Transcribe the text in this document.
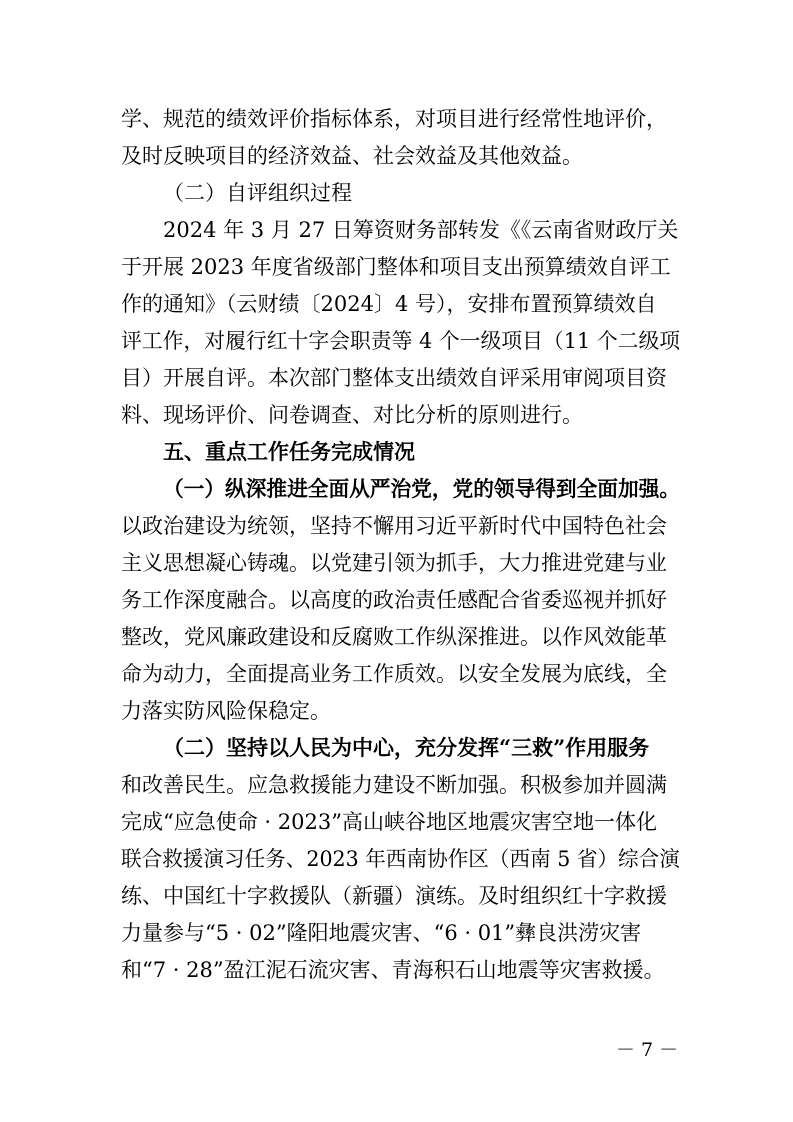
学、规范的绩效评价指标体系，对项目进行经常性地评价，
及时反映项目的经济效益、社会效益及其他效益。
（二）自评组织过程
2024 年 3 月 27 日筹资财务部转发《《云南省财政厅关
于开展 2023 年度省级部门整体和项目支出预算绩效自评工
作的通知》（云财绩〔2024〕4 号），安排布置预算绩效自
评工作，对履行红十字会职责等 4 个一级项目（11 个二级项
目）开展自评。本次部门整体支出绩效自评采用审阅项目资
料、现场评价、问卷调查、对比分析的原则进行。
五、重点工作任务完成情况
（一）纵深推进全面从严治党，党的领导得到全面加强。
以政治建设为统领，坚持不懈用习近平新时代中国特色社会
主义思想凝心铸魂。以党建引领为抓手，大力推进党建与业
务工作深度融合。以高度的政治责任感配合省委巡视并抓好
整改，党风廉政建设和反腐败工作纵深推进。以作风效能革
命为动力，全面提高业务工作质效。以安全发展为底线，全
力落实防风险保稳定。
（二）坚持以人民为中心，充分发挥“三救”作用服务
和改善民生。应急救援能力建设不断加强。积极参加并圆满
完成“应急使命 · 2023”高山峡谷地区地震灾害空地一体化
联合救援演习任务、2023 年西南协作区（西南 5 省）综合演
练、中国红十字救援队（新疆）演练。及时组织红十字救援
力量参与“5 · 02”隆阳地震灾害、“6 · 01”彝良洪涝灾害
和“7 · 28”盈江泥石流灾害、青海积石山地震等灾害救援。
－ 7 －
